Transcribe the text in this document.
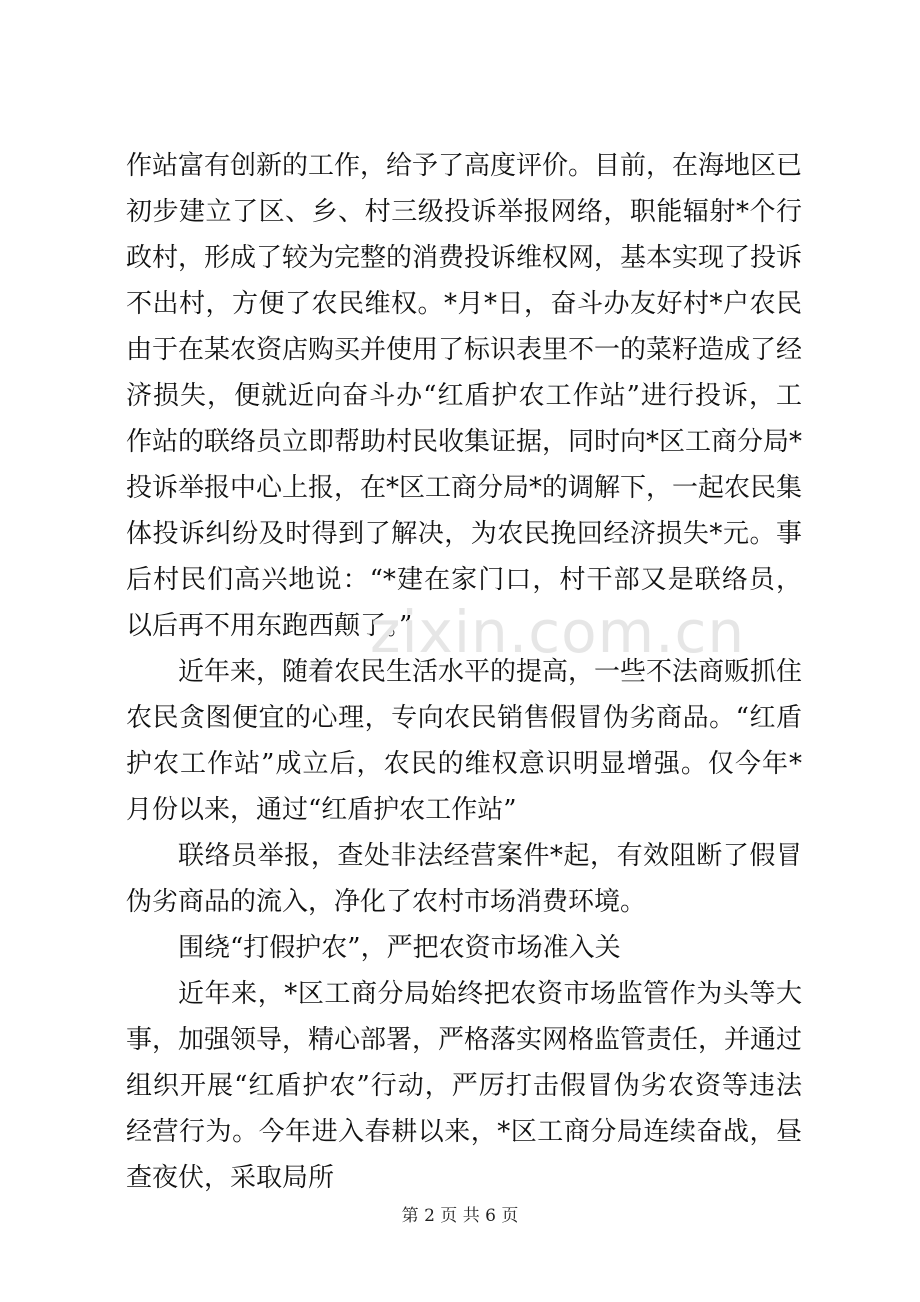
作站富有创新的工作，给予了高度评价。目前，在海地区已初步建立了区、乡、村三级投诉举报网络，职能辐射*个行政村，形成了较为完整的消费投诉维权网，基本实现了投诉不出村，方便了农民维权。*月*日，奋斗办友好村*户农民由于在某农资店购买并使用了标识表里不一的菜籽造成了经济损失，便就近向奋斗办“红盾护农工作站”进行投诉，工作站的联络员立即帮助村民收集证据，同时向*区工商分局*投诉举报中心上报，在*区工商分局*的调解下，一起农民集体投诉纠纷及时得到了解决，为农民挽回经济损失*元。事后村民们高兴地说：“*建在家门口，村干部又是联络员，以后再不用东跑西颠了。”

近年来，随着农民生活水平的提高，一些不法商贩抓住农民贪图便宜的心理，专向农民销售假冒伪劣商品。“红盾护农工作站”成立后，农民的维权意识明显增强。仅今年*月份以来，通过“红盾护农工作站”

联络员举报，查处非法经营案件*起，有效阻断了假冒伪劣商品的流入，净化了农村市场消费环境。

围绕“打假护农”，严把农资市场准入关

近年来，*区工商分局始终把农资市场监管作为头等大事，加强领导，精心部署，严格落实网格监管责任，并通过组织开展“红盾护农”行动，严厉打击假冒伪劣农资等违法经营行为。今年进入春耕以来，*区工商分局连续奋战，昼查夜伏，采取局所

zixin.com.cn
第 2 页 共 6 页
